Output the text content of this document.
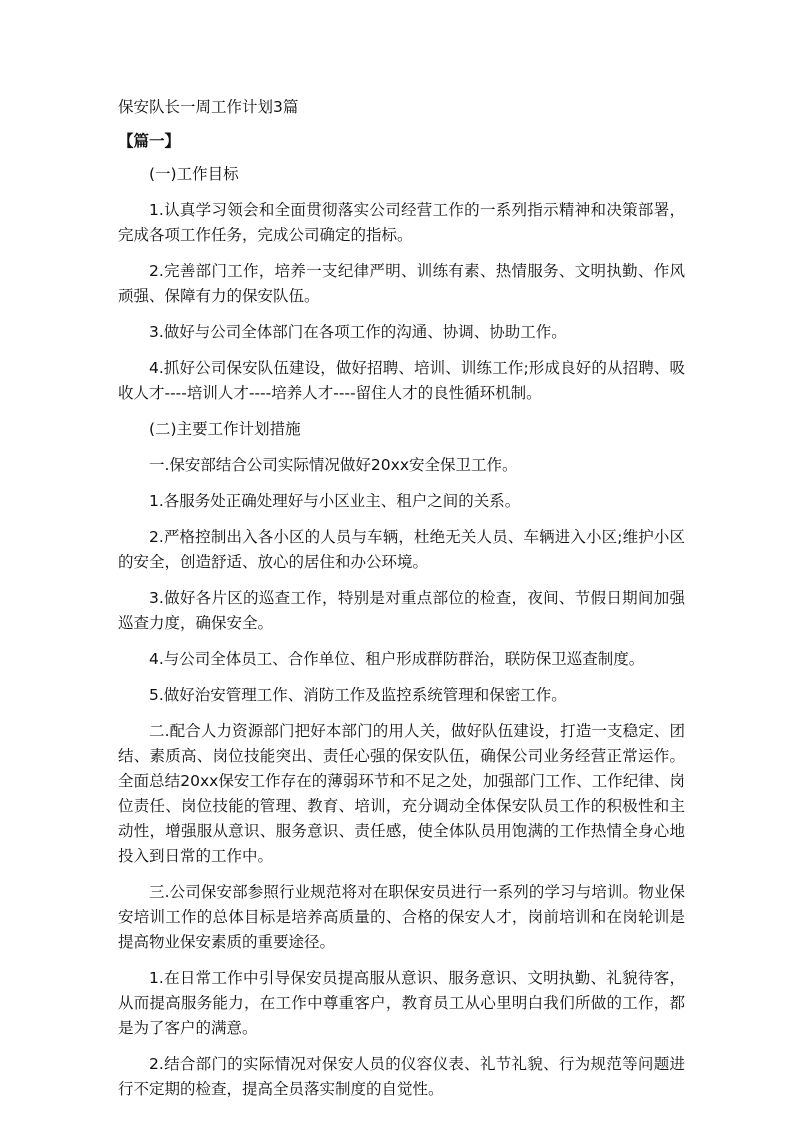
保安队长一周工作计划3篇
【篇一】

(一)工作目标

1.认真学习领会和全面贯彻落实公司经营工作的一系列指示精神和决策部署，完成各项工作任务，完成公司确定的指标。

2.完善部门工作，培养一支纪律严明、训练有素、热情服务、文明执勤、作风顽强、保障有力的保安队伍。

3.做好与公司全体部门在各项工作的沟通、协调、协助工作。

4.抓好公司保安队伍建设，做好招聘、培训、训练工作;形成良好的从招聘、吸收人才----培训人才----培养人才----留住人才的良性循环机制。

(二)主要工作计划措施

一.保安部结合公司实际情况做好20xx安全保卫工作。

1.各服务处正确处理好与小区业主、租户之间的关系。

2.严格控制出入各小区的人员与车辆，杜绝无关人员、车辆进入小区;维护小区的安全，创造舒适、放心的居住和办公环境。

3.做好各片区的巡查工作，特别是对重点部位的检查，夜间、节假日期间加强巡查力度，确保安全。

4.与公司全体员工、合作单位、租户形成群防群治，联防保卫巡查制度。

5.做好治安管理工作、消防工作及监控系统管理和保密工作。

二.配合人力资源部门把好本部门的用人关，做好队伍建设，打造一支稳定、团结、素质高、岗位技能突出、责任心强的保安队伍，确保公司业务经营正常运作。全面总结20xx保安工作存在的薄弱环节和不足之处，加强部门工作、工作纪律、岗位责任、岗位技能的管理、教育、培训，充分调动全体保安队员工作的积极性和主动性，增强服从意识、服务意识、责任感，使全体队员用饱满的工作热情全身心地投入到日常的工作中。

三.公司保安部参照行业规范将对在职保安员进行一系列的学习与培训。物业保安培训工作的总体目标是培养高质量的、合格的保安人才，岗前培训和在岗轮训是提高物业保安素质的重要途径。

1.在日常工作中引导保安员提高服从意识、服务意识、文明执勤、礼貌待客，从而提高服务能力，在工作中尊重客户，教育员工从心里明白我们所做的工作，都是为了客户的满意。

2.结合部门的实际情况对保安人员的仪容仪表、礼节礼貌、行为规范等问题进行不定期的检查，提高全员落实制度的自觉性。
